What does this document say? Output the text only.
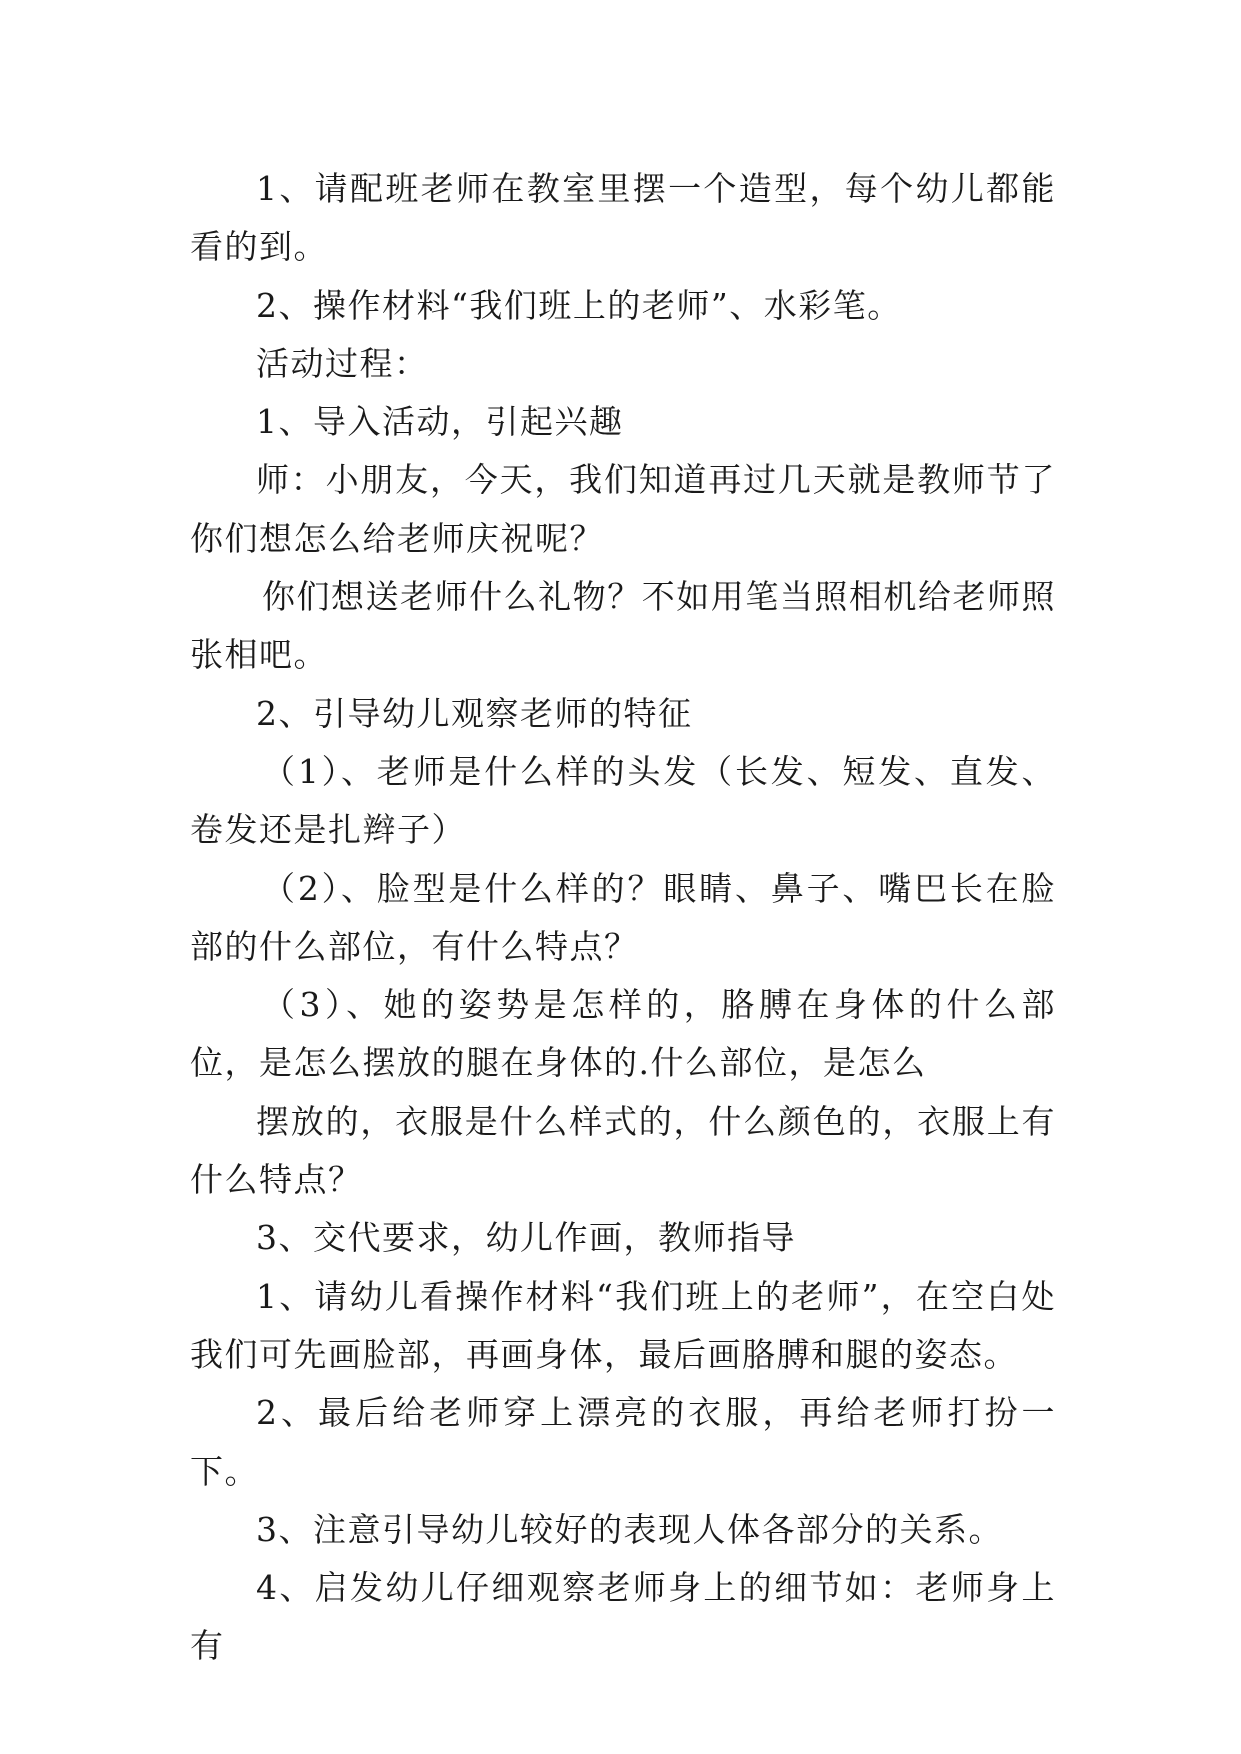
1、请配班老师在教室里摆一个造型，每个幼儿都能看的到。

2、操作材料“我们班上的老师”、水彩笔。

活动过程：

1、导入活动，引起兴趣

师：小朋友，今天，我们知道再过几天就是教师节了你们想怎么给老师庆祝呢？

你们想送老师什么礼物？不如用笔当照相机给老师照张相吧。

2、引导幼儿观察老师的特征

（1）、老师是什么样的头发（长发、短发、直发、卷发还是扎辫子）

（2）、脸型是什么样的？眼睛、鼻子、嘴巴长在脸部的什么部位，有什么特点？

（3）、她的姿势是怎样的，胳膊在身体的什么部位，是怎么摆放的腿在身体的.什么部位，是怎么

摆放的，衣服是什么样式的，什么颜色的，衣服上有什么特点？

3、交代要求，幼儿作画，教师指导

1、请幼儿看操作材料“我们班上的老师”，在空白处我们可先画脸部，再画身体，最后画胳膊和腿的姿态。

2、最后给老师穿上漂亮的衣服，再给老师打扮一下。

3、注意引导幼儿较好的表现人体各部分的关系。

4、启发幼儿仔细观察老师身上的细节如：老师身上有
